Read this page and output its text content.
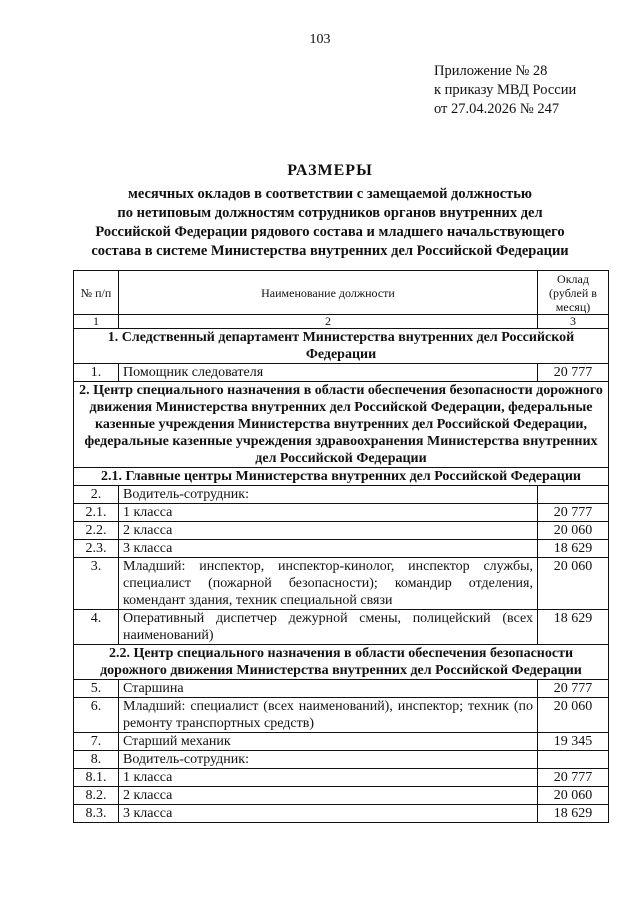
103
Приложение № 28
к приказу МВД России
от 27.04.2026 № 247
РАЗМЕРЫ
месячных окладов в соответствии с замещаемой должностью
по нетиповым должностям сотрудников органов внутренних дел
Российской Федерации рядового состава и младшего начальствующего
состава в системе Министерства внутренних дел Российской Федерации
№ п/п	Наименование должности	Оклад (рублей в месяц)
1	2	3
1. Следственный департамент Министерства внутренних дел Российской Федерации		
1.	Помощник следователя	20 777
2. Центр специального назначения в области обеспечения безопасности дорожного движения Министерства внутренних дел Российской Федерации, федеральные казенные учреждения Министерства внутренних дел Российской Федерации, федеральные казенные учреждения здравоохранения Министерства внутренних дел Российской Федерации		
2.1. Главные центры Министерства внутренних дел Российской Федерации		
2.	Водитель-сотрудник:	
2.1.	1 класса	20 777
2.2.	2 класса	20 060
2.3.	3 класса	18 629
3.	Младший: инспектор, инспектор-кинолог, инспектор службы, специалист (пожарной безопасности); командир отделения, комендант здания, техник специальной связи	20 060
4.	Оперативный диспетчер дежурной смены, полицейский (всех наименований)	18 629
2.2. Центр специального назначения в области обеспечения безопасности дорожного движения Министерства внутренних дел Российской Федерации		
5.	Старшина	20 777
6.	Младший: специалист (всех наименований), инспектор; техник (по ремонту транспортных средств)	20 060
7.	Старший механик	19 345
8.	Водитель-сотрудник:	
8.1.	1 класса	20 777
8.2.	2 класса	20 060
8.3.	3 класса	18 629
